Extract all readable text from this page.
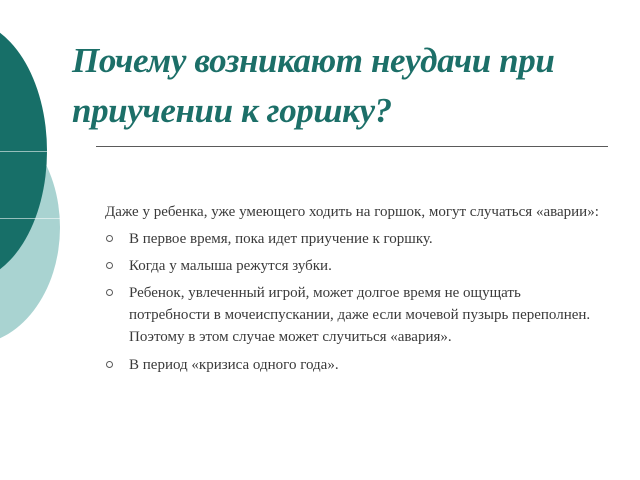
Почему возникают неудачи при
приучении к горшку?

Даже у ребенка, уже умеющего ходить на горшок, могут случаться «аварии»:

В первое время, пока идет приучение к горшку.
Когда у малыша режутся зубки.
Ребенок, увлеченный игрой, может долгое время не ощущать потребности в мочеиспускании, даже если мочевой пузырь переполнен. Поэтому в этом случае может случиться «авария».
В период «кризиса одного года».
